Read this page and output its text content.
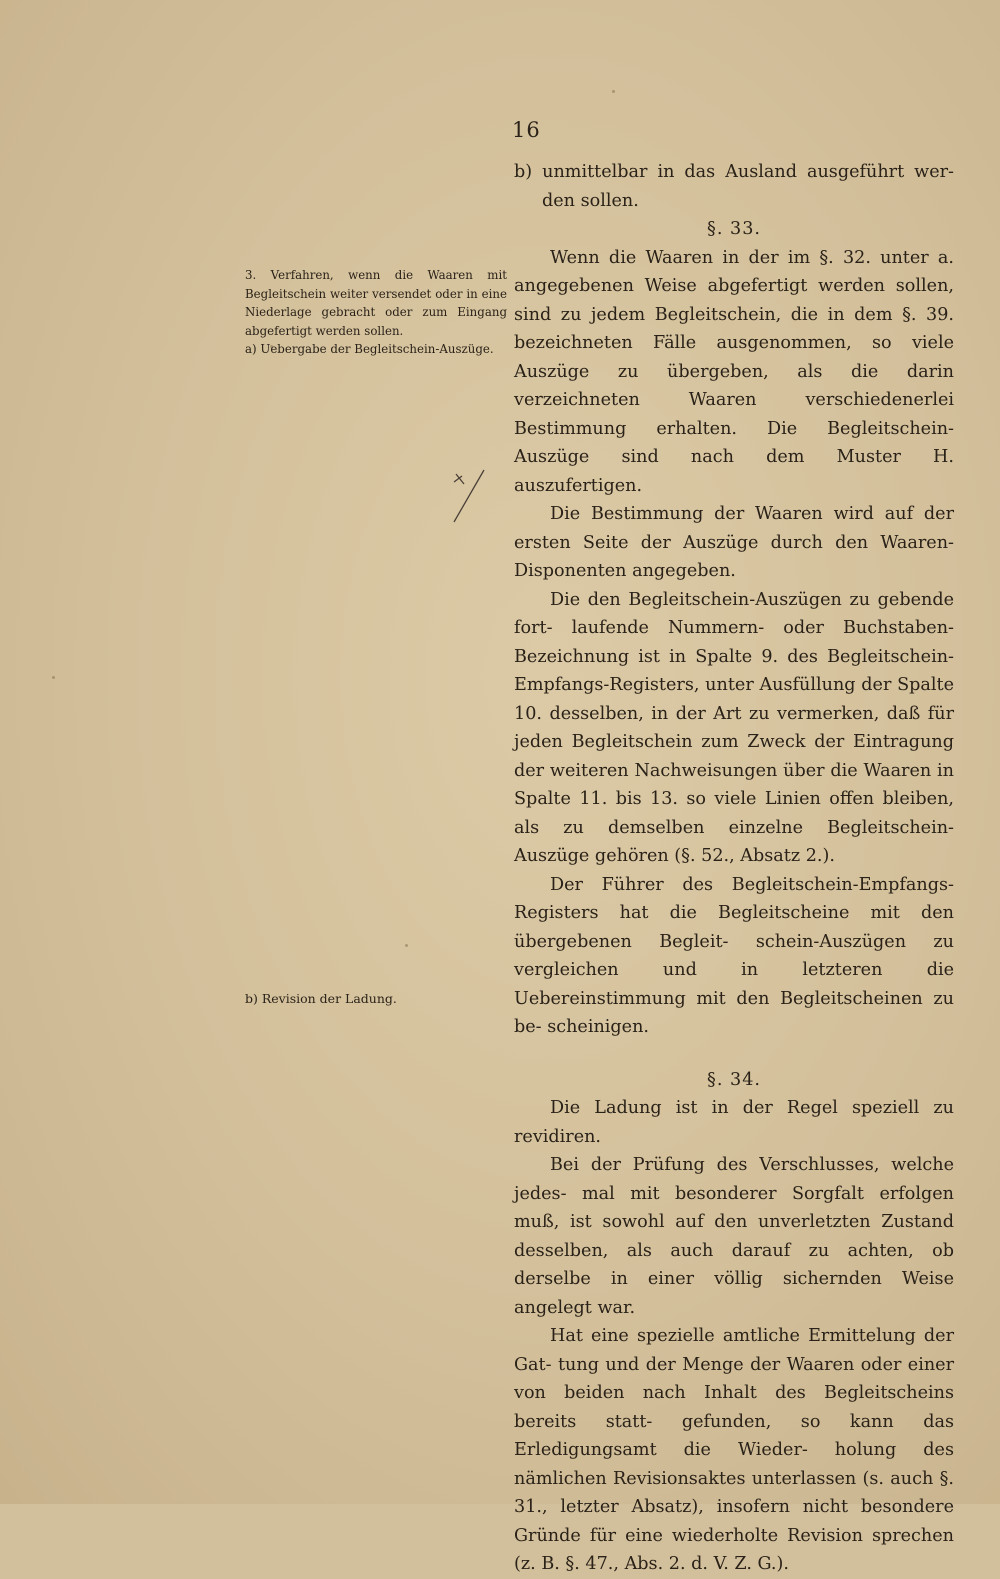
16

3. Verfahren, wenn die Waaren mit Begleitschein weiter versendet oder in eine Niederlage gebracht oder zum Eingang abgefertigt werden sollen.

a) Uebergabe der Begleitschein-Auszüge.

b) Revision der Ladung.

b) unmittelbar in das Ausland ausgeführt wer- den sollen.

§. 33.

Wenn die Waaren in der im §. 32. unter a. angegebenen Weise abgefertigt werden sollen, sind zu jedem Begleitschein, die in dem §. 39. bezeichneten Fälle ausgenommen, so viele Auszüge zu übergeben, als die darin verzeichneten Waaren verschiedenerlei Bestimmung erhalten. Die Begleitschein-Auszüge sind nach dem Muster H. auszufertigen.

Die Bestimmung der Waaren wird auf der ersten Seite der Auszüge durch den Waaren-Disponenten angegeben.

Die den Begleitschein-Auszügen zu gebende fort- laufende Nummern- oder Buchstaben-Bezeichnung ist in Spalte 9. des Begleitschein-Empfangs-Registers, unter Ausfüllung der Spalte 10. desselben, in der Art zu vermerken, daß für jeden Begleitschein zum Zweck der Eintragung der weiteren Nachweisungen über die Waaren in Spalte 11. bis 13. so viele Linien offen bleiben, als zu demselben einzelne Begleitschein- Auszüge gehören (§. 52., Absatz 2.).

Der Führer des Begleitschein-Empfangs-Registers hat die Begleitscheine mit den übergebenen Begleit- schein-Auszügen zu vergleichen und in letzteren die Uebereinstimmung mit den Begleitscheinen zu be- scheinigen.

§. 34.

Die Ladung ist in der Regel speziell zu revidiren.

Bei der Prüfung des Verschlusses, welche jedes- mal mit besonderer Sorgfalt erfolgen muß, ist sowohl auf den unverletzten Zustand desselben, als auch darauf zu achten, ob derselbe in einer völlig sichernden Weise angelegt war.

Hat eine spezielle amtliche Ermittelung der Gat- tung und der Menge der Waaren oder einer von beiden nach Inhalt des Begleitscheins bereits statt- gefunden, so kann das Erledigungsamt die Wieder- holung des nämlichen Revisionsaktes unterlassen (s. auch §. 31., letzter Absatz), insofern nicht besondere Gründe für eine wiederholte Revision sprechen (z. B. §. 47., Abs. 2. d. V. Z. G.).
